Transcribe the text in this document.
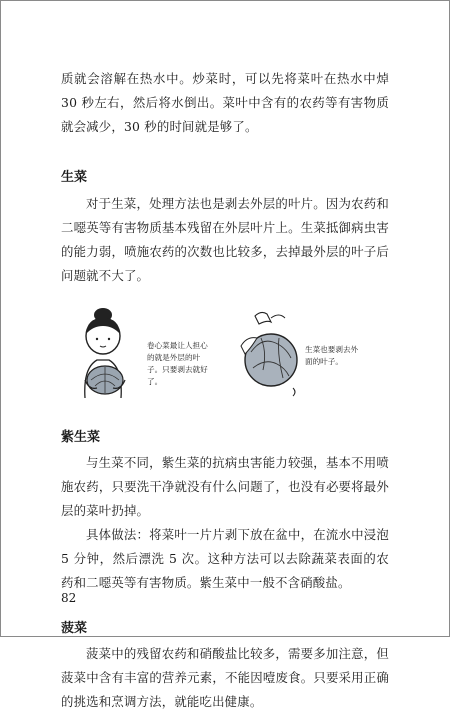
质就会溶解在热水中。炒菜时，可以先将菜叶在热水中焯 30 秒左右，然后将水倒出。菜叶中含有的农药等有害物质就会减少，30 秒的时间就是够了。

生菜

对于生菜，处理方法也是剥去外层的叶片。因为农药和二噁英等有害物质基本残留在外层叶片上。生菜抵御病虫害的能力弱，喷施农药的次数也比较多，去掉最外层的叶子后问题就不大了。

卷心菜最让人担心的就是外层的叶子。只要剥去就好了。
生菜也要剥去外面的叶子。
紫生菜

与生菜不同，紫生菜的抗病虫害能力较强，基本不用喷施农药，只要洗干净就没有什么问题了，也没有必要将最外层的菜叶扔掉。

具体做法：将菜叶一片片剥下放在盆中，在流水中浸泡 5 分钟，然后漂洗 5 次。这种方法可以去除蔬菜表面的农药和二噁英等有害物质。紫生菜中一般不含硝酸盐。

菠菜

菠菜中的残留农药和硝酸盐比较多，需要多加注意，但菠菜中含有丰富的营养元素，不能因噎废食。只要采用正确的挑选和烹调方法，就能吃出健康。

82
